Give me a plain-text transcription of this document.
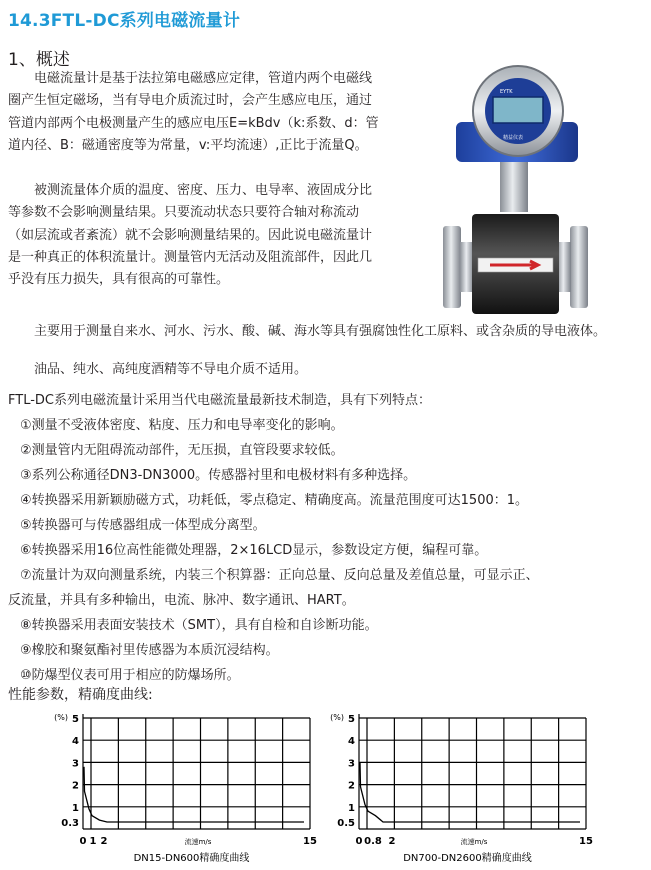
14.3FTL-DC系列电磁流量计
1、概述

电磁流量计是基于法拉第电磁感应定律，管道内两个电磁线圈产生恒定磁场，当有导电介质流过时，会产生感应电压，通过管道内部两个电极测量产生的感应电压E=kBdv（k:系数、d：管道内径、B：磁通密度等为常量，v:平均流速）,正比于流量Q。

被测流量体介质的温度、密度、压力、电导率、液固成分比等参数不会影响测量结果。只要流动状态只要符合轴对称流动（如层流或者紊流）就不会影响测量结果的。因此说电磁流量计是一种真正的体积流量计。测量管内无活动及阻流部件，因此几乎没有压力损失，具有很高的可靠性。

主要用于测量自来水、河水、污水、酸、碱、海水等具有强腐蚀性化工原料、或含杂质的导电液体。

油品、纯水、高纯度酒精等不导电介质不适用。

EYTK
精益仪表
FTL-DC系列电磁流量计采用当代电磁流量最新技术制造，具有下列特点：
①测量不受液体密度、粘度、压力和电导率变化的影响。
②测量管内无阻碍流动部件，无压损，直管段要求较低。
③系列公称通径DN3-DN3000。传感器衬里和电极材料有多种选择。
④转换器采用新颖励磁方式，功耗低，零点稳定、精确度高。流量范围度可达1500：1。
⑤转换器可与传感器组成一体型成分离型。
⑥转换器采用16位高性能微处理器，2×16LCD显示，参数设定方便，编程可靠。
⑦流量计为双向测量系统，内装三个积算器：正向总量、反向总量及差值总量，可显示正、
反流量，并具有多种输出，电流、脉冲、数字通讯、HART。
⑧转换器采用表面安装技术（SMT），具有自检和自诊断功能。
⑨橡胶和聚氨酯衬里传感器为本质沉浸结构。
⑩防爆型仪表可用于相应的防爆场所。
性能参数，精确度曲线:
5
4
3
2
1
0.3
(%)
0 1 2	15
流速m/s
DN15-DN600精确度曲线
5
4
3
2
1
0.5
(%)
0 0.8 2	15
流速m/s
DN700-DN2600精确度曲线
